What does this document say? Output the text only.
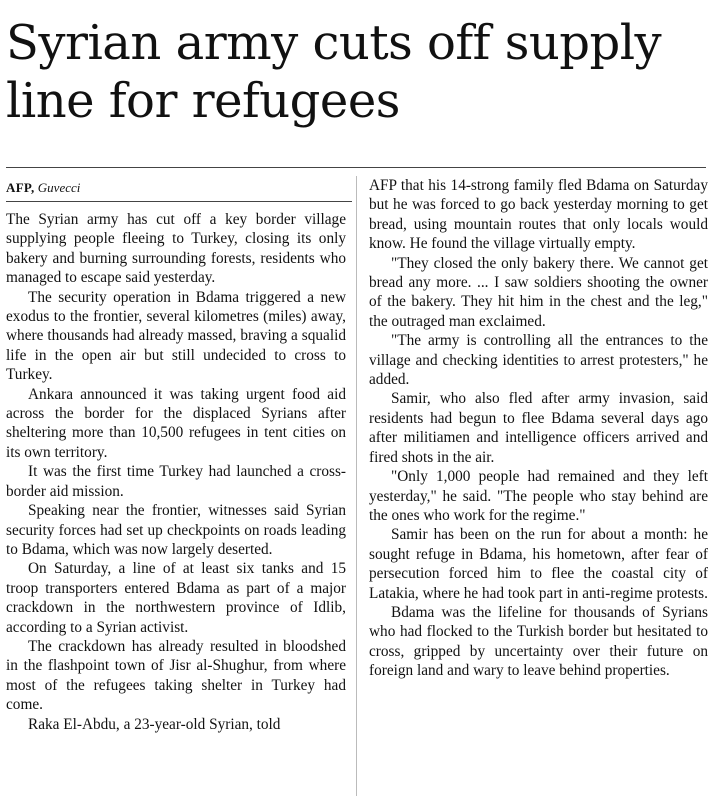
Syrian army cuts off supply line for refugees
AFP, Guvecci

The Syrian army has cut off a key border village supplying people fleeing to Turkey, closing its only bakery and burning surrounding forests, residents who managed to escape said yesterday.

The security operation in Bdama triggered a new exodus to the frontier, several kilometres (miles) away, where thousands had already massed, braving a squalid life in the open air but still undecided to cross to Turkey.

Ankara announced it was taking urgent food aid across the border for the displaced Syrians after sheltering more than 10,500 refugees in tent cities on its own territory.

It was the first time Turkey had launched a cross-border aid mission.

Speaking near the frontier, witnesses said Syrian security forces had set up checkpoints on roads leading to Bdama, which was now largely deserted.

On Saturday, a line of at least six tanks and 15 troop transporters entered Bdama as part of a major crackdown in the northwestern province of Idlib, according to a Syrian activist.

The crackdown has already resulted in bloodshed in the flashpoint town of Jisr al-Shughur, from where most of the refugees taking shelter in Turkey had come.

Raka El-Abdu, a 23-year-old Syrian, told

AFP that his 14-strong family fled Bdama on Saturday but he was forced to go back yesterday morning to get bread, using mountain routes that only locals would know. He found the village virtually empty.

"They closed the only bakery there. We cannot get bread any more. ... I saw soldiers shooting the owner of the bakery. They hit him in the chest and the leg," the outraged man exclaimed.

"The army is controlling all the entrances to the village and checking identities to arrest protesters," he added.

Samir, who also fled after army invasion, said residents had begun to flee Bdama several days ago after militiamen and intelligence officers arrived and fired shots in the air.

"Only 1,000 people had remained and they left yesterday," he said. "The people who stay behind are the ones who work for the regime."

Samir has been on the run for about a month: he sought refuge in Bdama, his hometown, after fear of persecution forced him to flee the coastal city of Latakia, where he had took part in anti-regime protests.

Bdama was the lifeline for thousands of Syrians who had flocked to the Turkish border but hesitated to cross, gripped by uncertainty over their future on foreign land and wary to leave behind properties.
